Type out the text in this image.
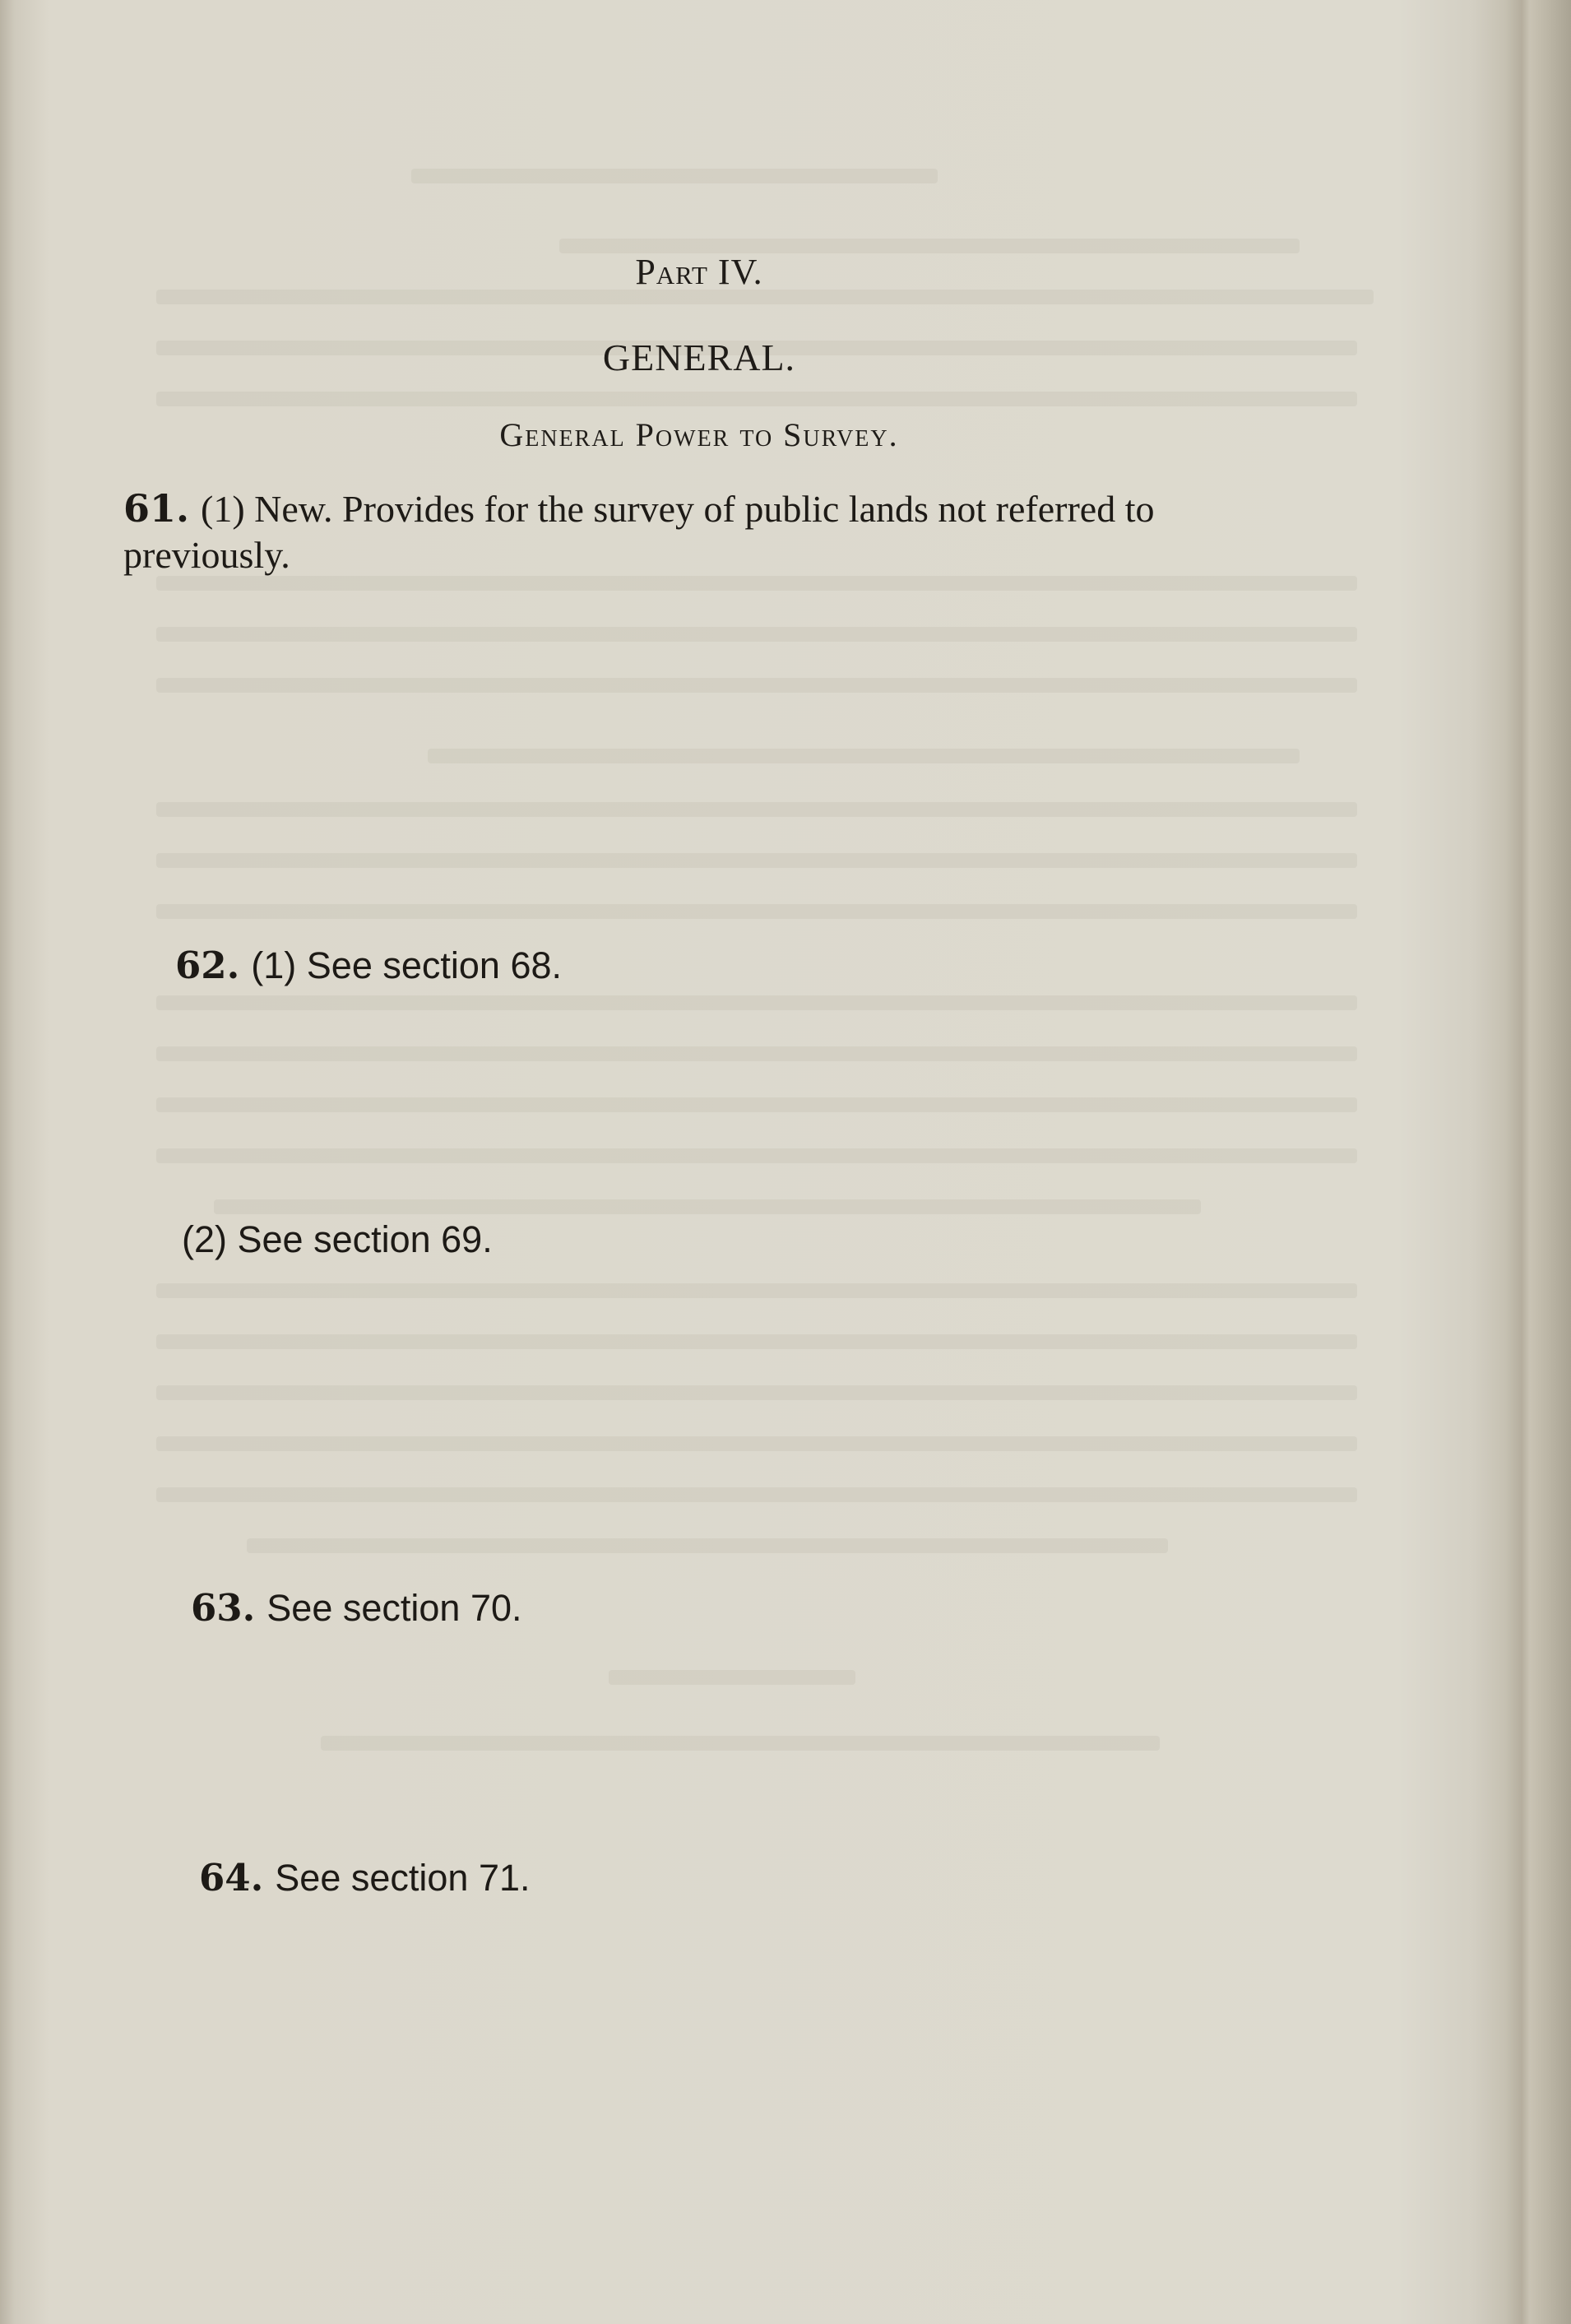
Part IV.
GENERAL.
General Power to Survey.
61. (1) New. Provides for the survey of public lands not referred to previously.
62. (1) See section 68.
(2) See section 69.
63. See section 70.
64. See section 71.
